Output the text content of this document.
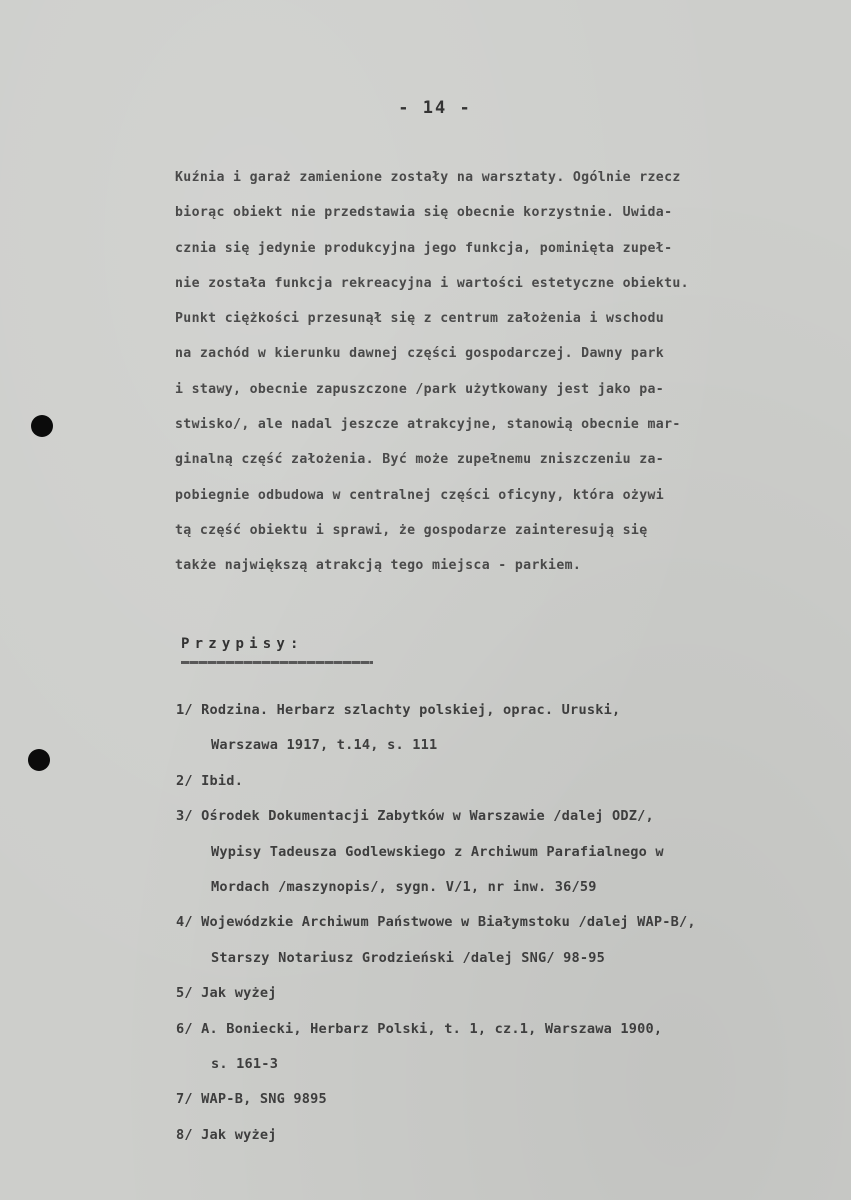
- 14 -
Kuźnia i garaż zamienione zostały na warsztaty. Ogólnie rzecz
biorąc obiekt nie przedstawia się obecnie korzystnie. Uwida-
cznia się jedynie produkcyjna jego funkcja, pominięta zupeł-
nie została funkcja rekreacyjna i wartości estetyczne obiektu.
Punkt ciężkości przesunął się z centrum założenia i wschodu
na zachód w kierunku dawnej części gospodarczej. Dawny park
i stawy, obecnie zapuszczone /park użytkowany jest jako pa-
stwisko/, ale nadal jeszcze atrakcyjne, stanowią obecnie mar-
ginalną część założenia. Być może zupełnemu zniszczeniu za-
pobiegnie odbudowa w centralnej części oficyny, która ożywi
tą część obiektu i sprawi, że gospodarze zainteresują się
także największą atrakcją tego miejsca - parkiem.
Przypisy:
1/ Rodzina. Herbarz szlachty polskiej, oprac. Uruski,
Warszawa 1917, t.14, s. 111
2/ Ibid.
3/ Ośrodek Dokumentacji Zabytków w Warszawie /dalej ODZ/,
Wypisy Tadeusza Godlewskiego z Archiwum Parafialnego w
Mordach /maszynopis/, sygn. V/1, nr inw. 36/59
4/ Wojewódzkie Archiwum Państwowe w Białymstoku /dalej WAP-B/,
Starszy Notariusz Grodzieński /dalej SNG/ 98-95
5/ Jak wyżej
6/ A. Boniecki, Herbarz Polski, t. 1, cz.1, Warszawa 1900,
s. 161-3
7/ WAP-B, SNG 9895
8/ Jak wyżej
